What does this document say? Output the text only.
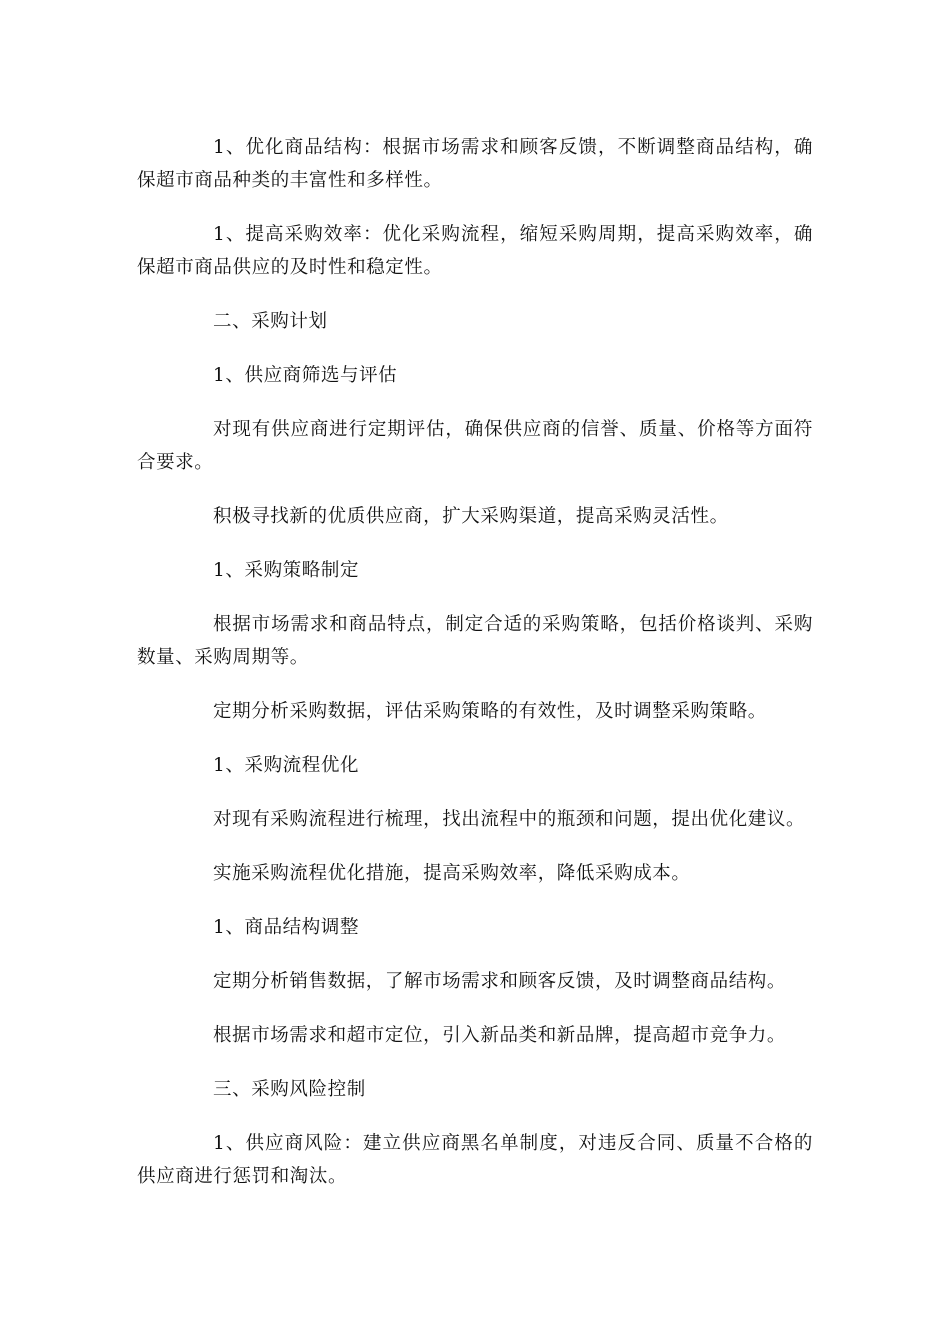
1、优化商品结构：根据市场需求和顾客反馈，不断调整商品结构，确保超市商品种类的丰富性和多样性。

1、提高采购效率：优化采购流程，缩短采购周期，提高采购效率，确保超市商品供应的及时性和稳定性。

二、采购计划

1、供应商筛选与评估

对现有供应商进行定期评估，确保供应商的信誉、质量、价格等方面符合要求。

积极寻找新的优质供应商，扩大采购渠道，提高采购灵活性。

1、采购策略制定

根据市场需求和商品特点，制定合适的采购策略，包括价格谈判、采购数量、采购周期等。

定期分析采购数据，评估采购策略的有效性，及时调整采购策略。

1、采购流程优化

对现有采购流程进行梳理，找出流程中的瓶颈和问题，提出优化建议。

实施采购流程优化措施，提高采购效率，降低采购成本。

1、商品结构调整

定期分析销售数据，了解市场需求和顾客反馈，及时调整商品结构。

根据市场需求和超市定位，引入新品类和新品牌，提高超市竞争力。

三、采购风险控制

1、供应商风险：建立供应商黑名单制度，对违反合同、质量不合格的供应商进行惩罚和淘汰。
